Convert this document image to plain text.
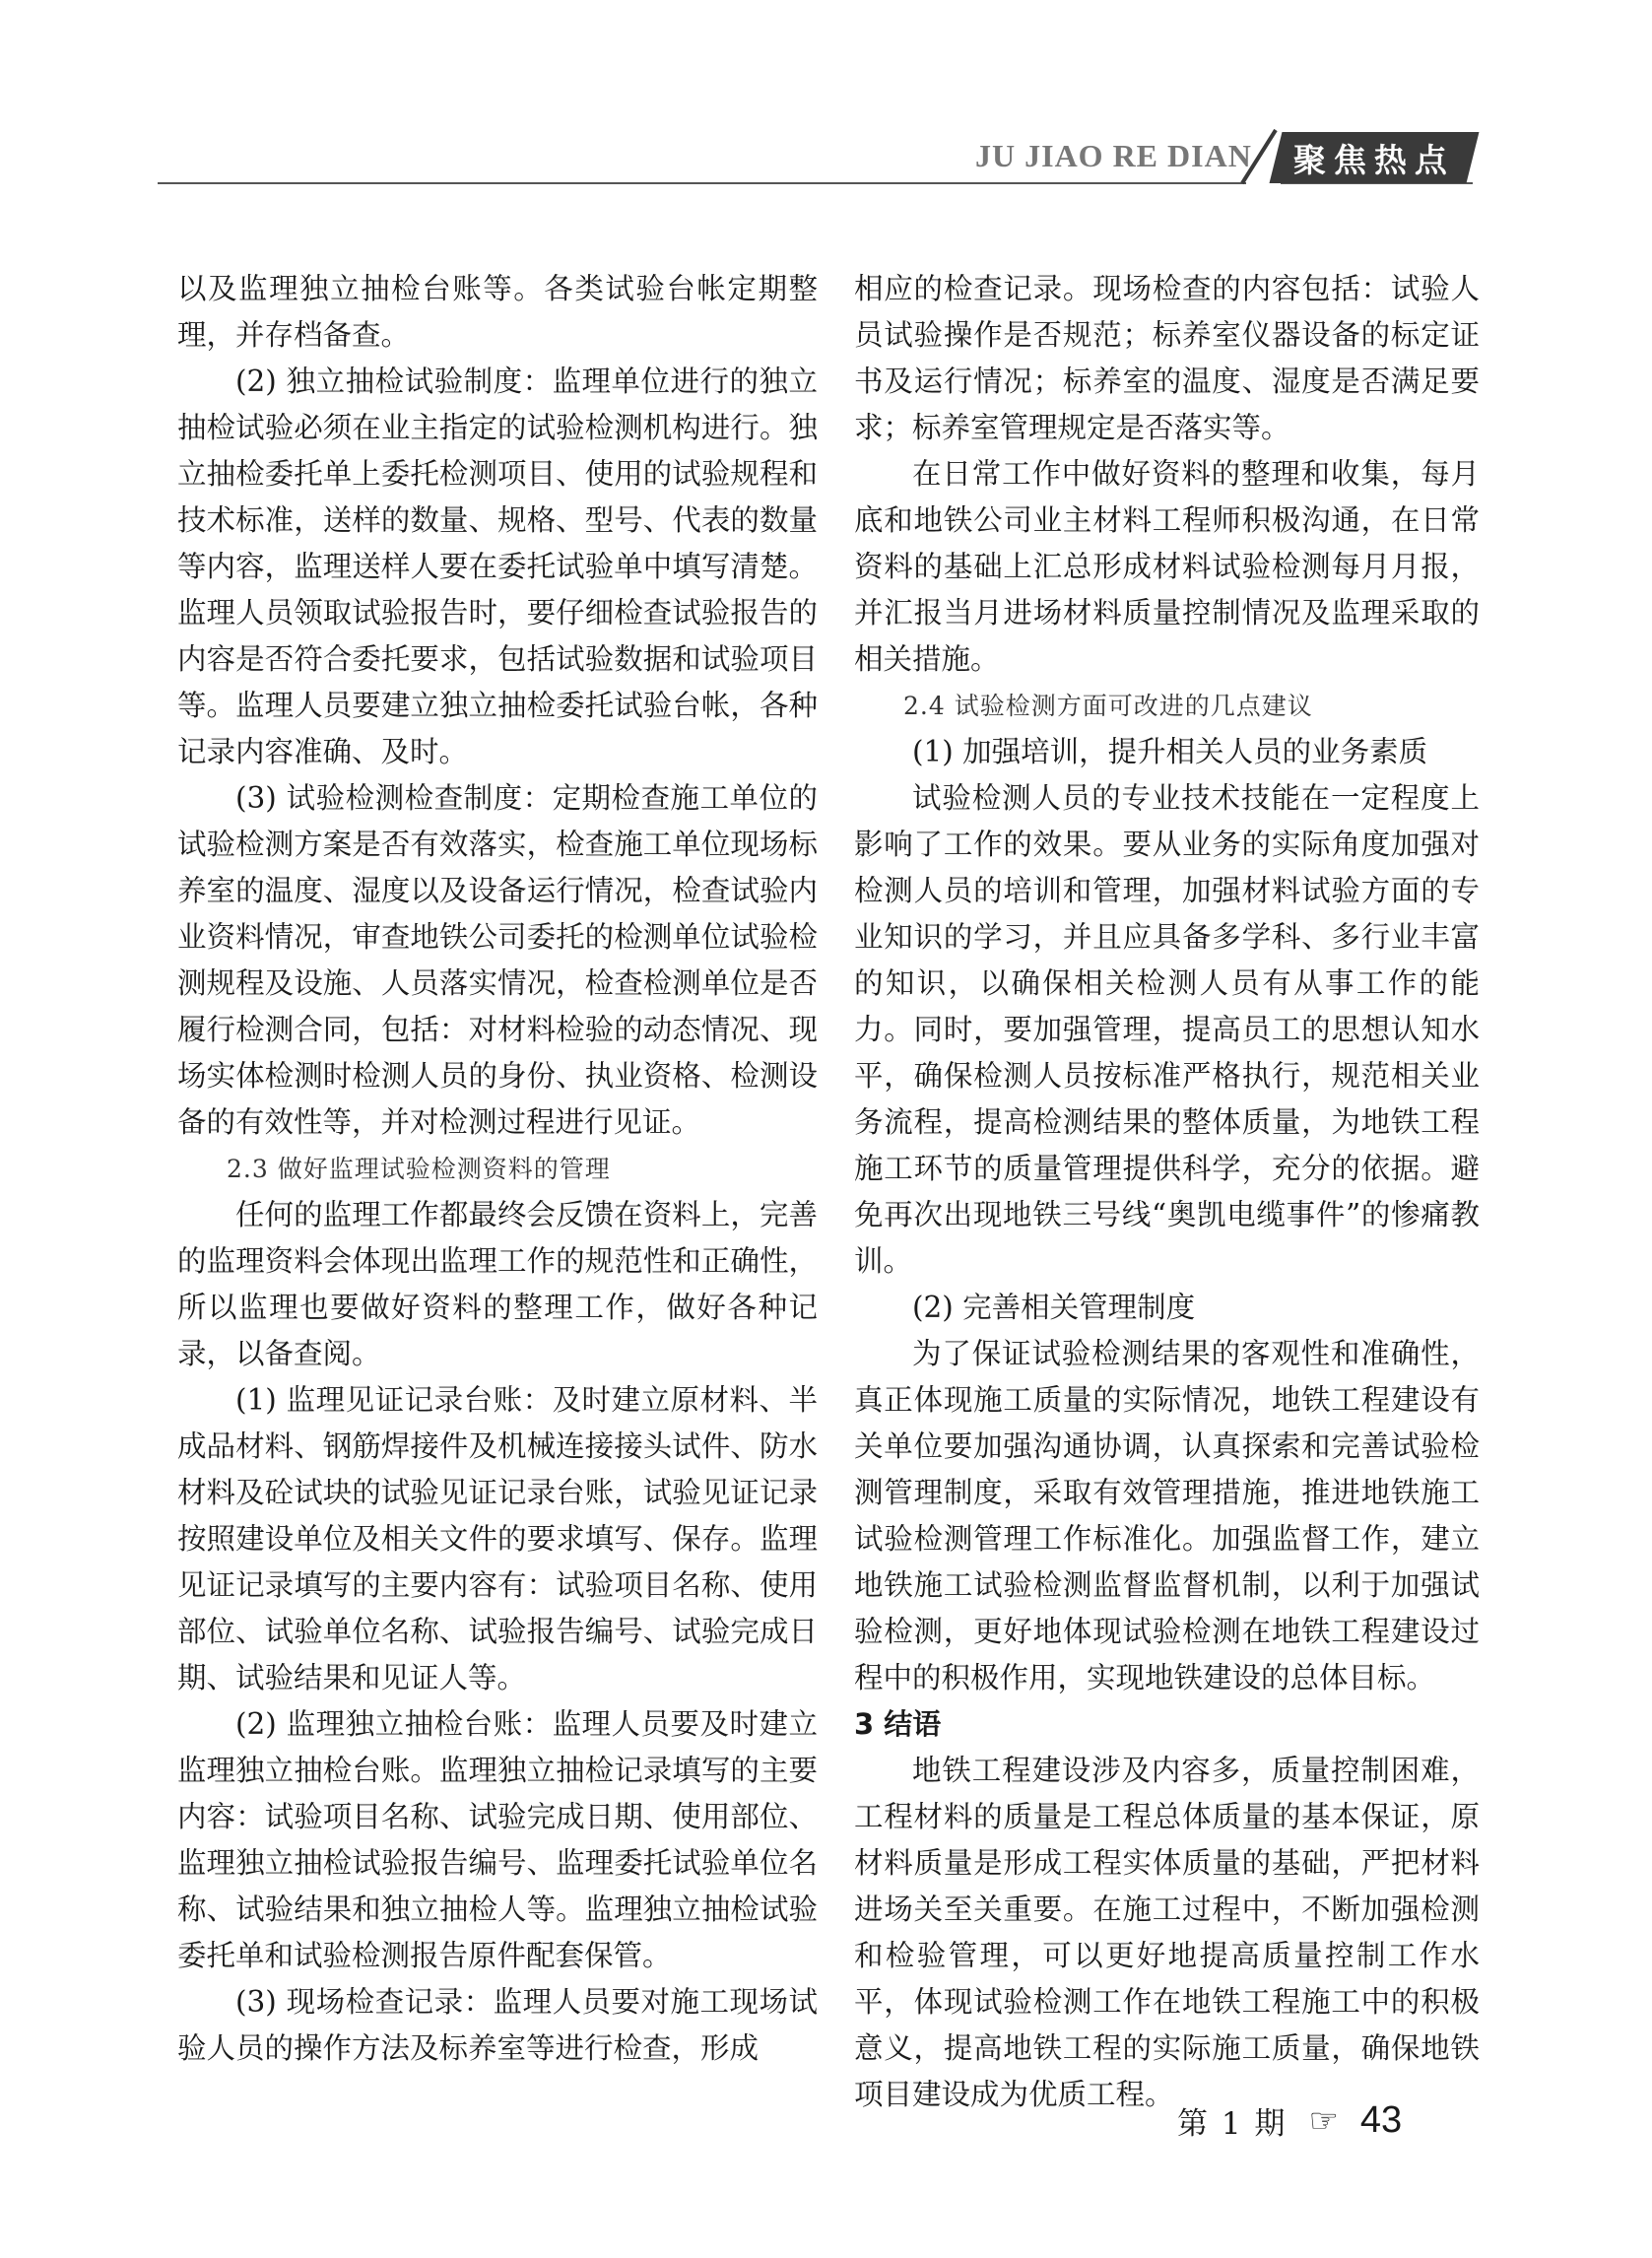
JU JIAO RE DIAN 聚焦热点

以及监理独立抽检台账等。各类试验台帐定期整理，并存档备查。

(2) 独立抽检试验制度：监理单位进行的独立抽检试验必须在业主指定的试验检测机构进行。独立抽检委托单上委托检测项目、使用的试验规程和技术标准，送样的数量、规格、型号、代表的数量等内容，监理送样人要在委托试验单中填写清楚。监理人员领取试验报告时，要仔细检查试验报告的内容是否符合委托要求，包括试验数据和试验项目等。监理人员要建立独立抽检委托试验台帐，各种记录内容准确、及时。

(3) 试验检测检查制度：定期检查施工单位的试验检测方案是否有效落实，检查施工单位现场标养室的温度、湿度以及设备运行情况，检查试验内业资料情况，审查地铁公司委托的检测单位试验检测规程及设施、人员落实情况，检查检测单位是否履行检测合同，包括：对材料检验的动态情况、现场实体检测时检测人员的身份、执业资格、检测设备的有效性等，并对检测过程进行见证。

2.3 做好监理试验检测资料的管理

任何的监理工作都最终会反馈在资料上，完善的监理资料会体现出监理工作的规范性和正确性，所以监理也要做好资料的整理工作，做好各种记录，以备查阅。

(1) 监理见证记录台账：及时建立原材料、半成品材料、钢筋焊接件及机械连接接头试件、防水材料及砼试块的试验见证记录台账，试验见证记录按照建设单位及相关文件的要求填写、保存。监理见证记录填写的主要内容有：试验项目名称、使用部位、试验单位名称、试验报告编号、试验完成日期、试验结果和见证人等。

(2) 监理独立抽检台账：监理人员要及时建立监理独立抽检台账。监理独立抽检记录填写的主要内容：试验项目名称、试验完成日期、使用部位、监理独立抽检试验报告编号、监理委托试验单位名称、试验结果和独立抽检人等。监理独立抽检试验委托单和试验检测报告原件配套保管。

(3) 现场检查记录：监理人员要对施工现场试验人员的操作方法及标养室等进行检查，形成

相应的检查记录。现场检查的内容包括：试验人员试验操作是否规范；标养室仪器设备的标定证书及运行情况；标养室的温度、湿度是否满足要求；标养室管理规定是否落实等。

在日常工作中做好资料的整理和收集，每月底和地铁公司业主材料工程师积极沟通，在日常资料的基础上汇总形成材料试验检测每月月报，并汇报当月进场材料质量控制情况及监理采取的相关措施。

2.4 试验检测方面可改进的几点建议

(1) 加强培训，提升相关人员的业务素质

试验检测人员的专业技术技能在一定程度上影响了工作的效果。要从业务的实际角度加强对检测人员的培训和管理，加强材料试验方面的专业知识的学习，并且应具备多学科、多行业丰富的知识，以确保相关检测人员有从事工作的能力。同时，要加强管理，提高员工的思想认知水平，确保检测人员按标准严格执行，规范相关业务流程，提高检测结果的整体质量，为地铁工程施工环节的质量管理提供科学，充分的依据。避免再次出现地铁三号线“奥凯电缆事件”的惨痛教训。

(2) 完善相关管理制度

为了保证试验检测结果的客观性和准确性，真正体现施工质量的实际情况，地铁工程建设有关单位要加强沟通协调，认真探索和完善试验检测管理制度，采取有效管理措施，推进地铁施工试验检测管理工作标准化。加强监督工作，建立地铁施工试验检测监督监督机制，以利于加强试验检测，更好地体现试验检测在地铁工程建设过程中的积极作用，实现地铁建设的总体目标。

3 结语

地铁工程建设涉及内容多，质量控制困难，工程材料的质量是工程总体质量的基本保证，原材料质量是形成工程实体质量的基础，严把材料进场关至关重要。在施工过程中，不断加强检测和检验管理，可以更好地提高质量控制工作水平，体现试验检测工作在地铁工程施工中的积极意义，提高地铁工程的实际施工质量，确保地铁项目建设成为优质工程。

第 1 期 ☞ 43
